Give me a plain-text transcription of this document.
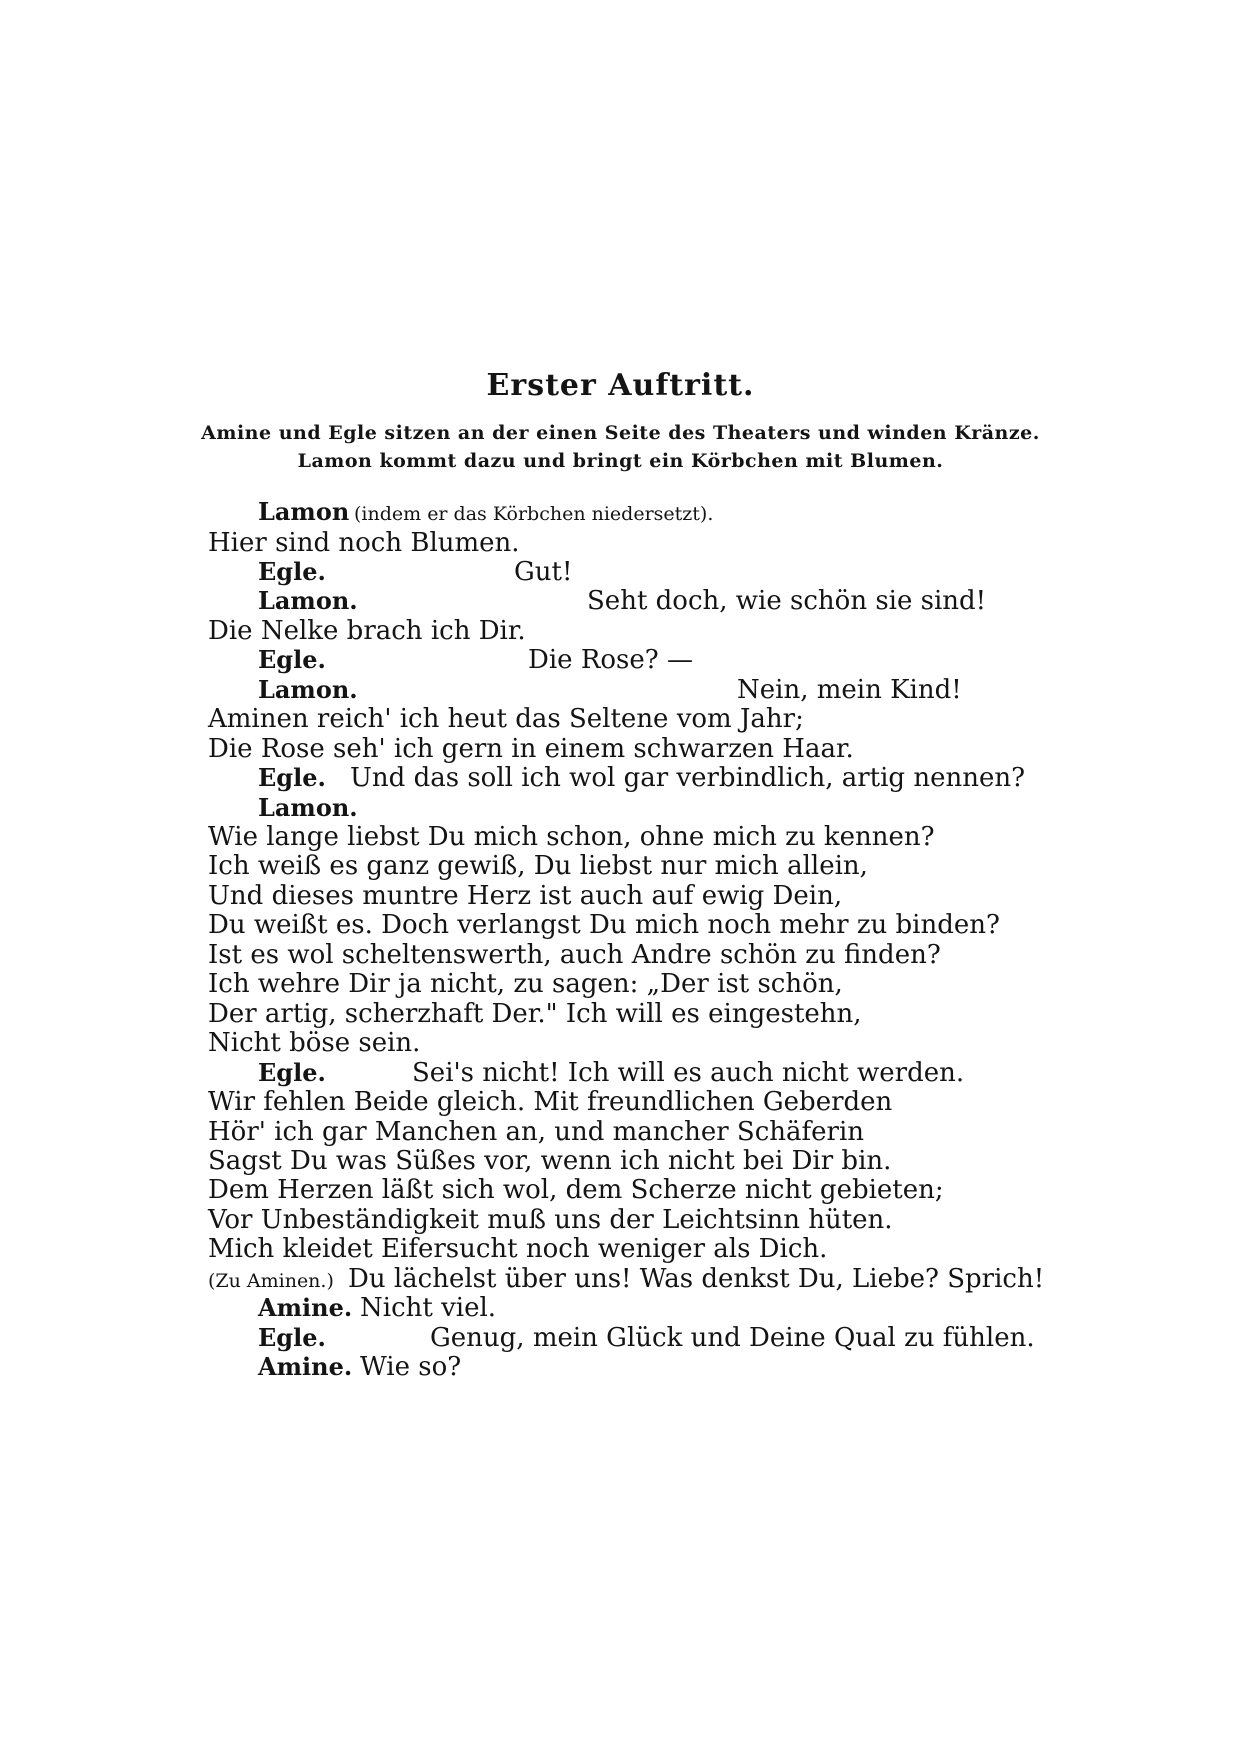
Erster Auftritt.
Amine und Egle sitzen an der einen Seite des Theaters und winden Kränze.
Lamon kommt dazu und bringt ein Körbchen mit Blumen.
Lamon (indem er das Körbchen niedersetzt).
Hier sind noch Blumen.
Egle.	Gut!
Lamon.	Seht doch, wie schön sie sind!
Die Nelke brach ich Dir.
Egle.	Die Rose? —
Lamon.	Nein, mein Kind!
Aminen reich' ich heut das Seltene vom Jahr;
Die Rose seh' ich gern in einem schwarzen Haar.
Egle. Und das soll ich wol gar verbindlich, artig nennen?
Lamon.
Wie lange liebst Du mich schon, ohne mich zu kennen?
Ich weiß es ganz gewiß, Du liebst nur mich allein,
Und dieses muntre Herz ist auch auf ewig Dein,
Du weißt es. Doch verlangst Du mich noch mehr zu binden?
Ist es wol scheltenswerth, auch Andre schön zu finden?
Ich wehre Dir ja nicht, zu sagen: „Der ist schön,
Der artig, scherzhaft Der." Ich will es eingestehn,
Nicht böse sein.
Egle.	Sei's nicht! Ich will es auch nicht werden.
Wir fehlen Beide gleich. Mit freundlichen Geberden
Hör' ich gar Manchen an, und mancher Schäferin
Sagst Du was Süßes vor, wenn ich nicht bei Dir bin.
Dem Herzen läßt sich wol, dem Scherze nicht gebieten;
Vor Unbeständigkeit muß uns der Leichtsinn hüten.
Mich kleidet Eifersucht noch weniger als Dich.
(Zu Aminen.) Du lächelst über uns! Was denkst Du, Liebe? Sprich!
Amine. Nicht viel.
Egle.	Genug, mein Glück und Deine Qual zu fühlen.
Amine. Wie so?
